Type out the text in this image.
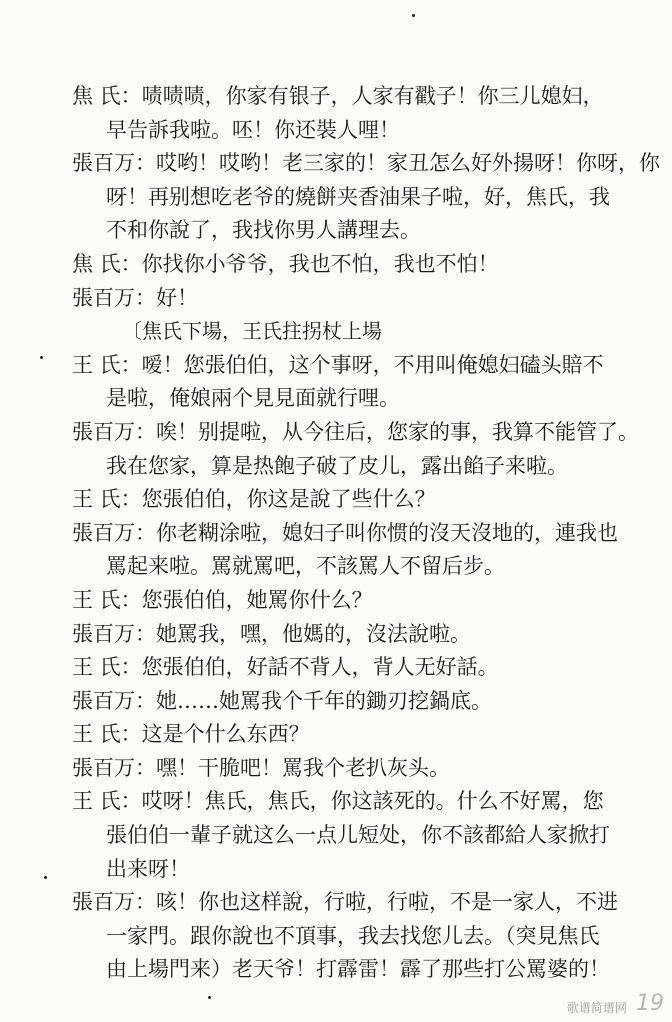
焦 氏：啧啧啧，你家有银子，人家有戳子！你三儿媳妇，
早告訴我啦。呸！你还裝人哩！
張百万：哎哟！哎哟！老三家的！家丑怎么好外揚呀！你呀，你
呀！再别想吃老爷的燒餅夹香油果子啦，好，焦氏，我
不和你說了，我找你男人講理去。
焦 氏：你找你小爷爷，我也不怕，我也不怕！
張百万：好！
〔焦氏下場，王氏拄拐杖上場
王 氏：嗳！您張伯伯，这个事呀，不用叫俺媳妇磕头賠不
是啦，俺娘兩个見見面就行哩。
張百万：唉！别提啦，从今往后，您家的事，我算不能管了。
我在您家，算是热飽子破了皮儿，露出餡子来啦。
王 氏：您張伯伯，你这是說了些什么？
張百万：你老糊涂啦，媳妇子叫你惯的沒天沒地的，連我也
罵起来啦。罵就罵吧，不該罵人不留后步。
王 氏：您張伯伯，她罵你什么？
張百万：她罵我，嘿，他媽的，沒法說啦。
王 氏：您張伯伯，好話不背人，背人无好話。
張百万：她……她罵我个千年的鋤刃挖鍋底。
王 氏：这是个什么东西？
張百万：嘿！干脆吧！罵我个老扒灰头。
王 氏：哎呀！焦氏，焦氏，你这該死的。什么不好罵，您
張伯伯一輩子就这么一点儿短处，你不該都給人家掀打
出来呀！
張百万：咳！你也这样說，行啦，行啦，不是一家人，不进
一家門。跟你說也不頂事，我去找您儿去。（突見焦氏
由上場門来）老天爷！打霹雷！霹了那些打公罵婆的！
歌谱简谱网 19
